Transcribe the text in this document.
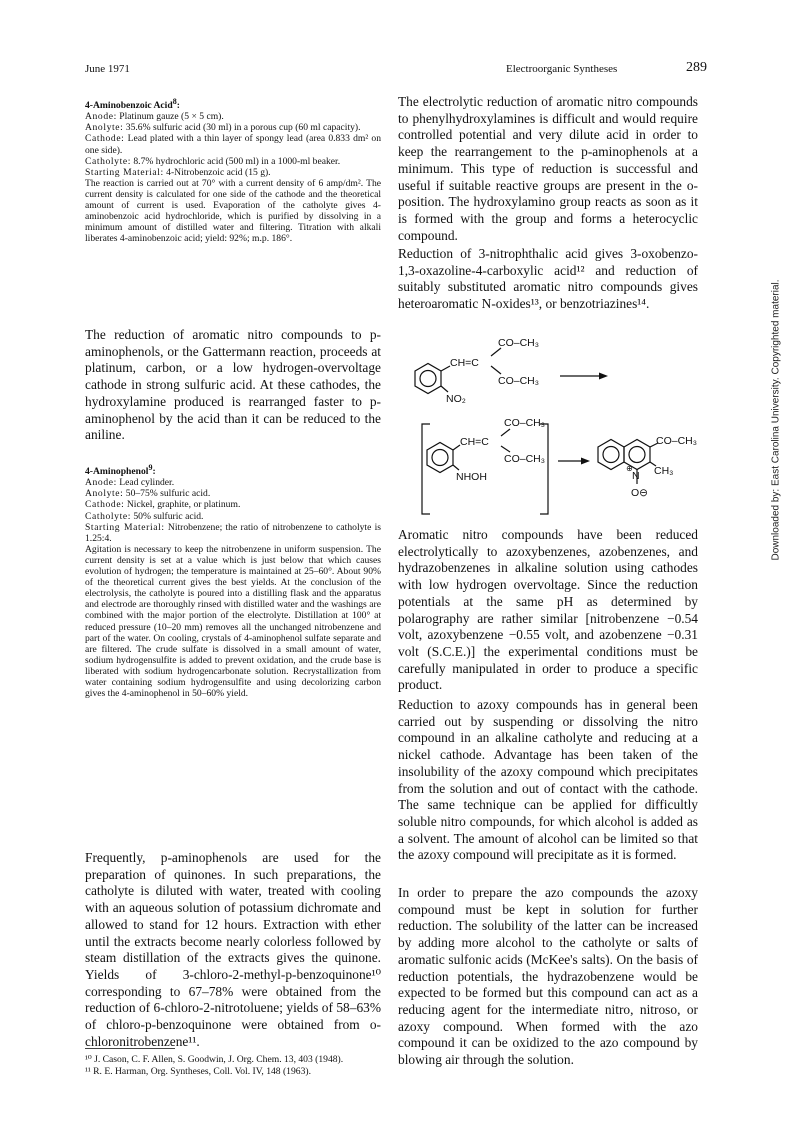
June 1971	Electroorganic Syntheses	289
Downloaded by: East Carolina University. Copyrighted material.

4-Aminobenzoic Acid$^8$:

Anode: Platinum gauze (5 × 5 cm).

Anolyte: 35.6% sulfuric acid (30 ml) in a porous cup (60 ml capacity).

Cathode: Lead plated with a thin layer of spongy lead (area 0.833 dm² on one side).

Catholyte: 8.7% hydrochloric acid (500 ml) in a 1000-ml beaker.

Starting Material: 4-Nitrobenzoic acid (15 g).

The reaction is carried out at 70° with a current density of 6 amp/dm². The current density is calculated for one side of the cathode and the theoretical amount of current is used. Evaporation of the catholyte gives 4-aminobenzoic acid hydrochloride, which is purified by dissolving in a minimum amount of distilled water and filtering. Titration with alkali liberates 4-aminobenzoic acid; yield: 92%; m.p. 186°.

The reduction of aromatic nitro compounds to p-aminophenols, or the Gattermann reaction, proceeds at platinum, carbon, or a low hydrogen-overvoltage cathode in strong sulfuric acid. At these cathodes, the hydroxylamine produced is rearranged faster to p-aminophenol by the acid than it can be reduced to the aniline.

4-Aminophenol$^9$:

Anode: Lead cylinder.

Anolyte: 50–75% sulfuric acid.

Cathode: Nickel, graphite, or platinum.

Catholyte: 50% sulfuric acid.

Starting Material: Nitrobenzene; the ratio of nitrobenzene to catholyte is 1.25:4.

Agitation is necessary to keep the nitrobenzene in uniform suspension. The current density is set at a value which is just below that which causes evolution of hydrogen; the temperature is maintained at 25–60°. About 90% of the theoretical current gives the best yields. At the conclusion of the electrolysis, the catholyte is poured into a distilling flask and the apparatus and electrode are thoroughly rinsed with distilled water and the washings are combined with the major portion of the electrolyte. Distillation at 100° at reduced pressure (10–20 mm) removes all the unchanged nitrobenzene and part of the water. On cooling, crystals of 4-aminophenol sulfate separate and are filtered. The crude sulfate is dissolved in a small amount of water, sodium hydrogensulfite is added to prevent oxidation, and the crude base is liberated with sodium hydrogencarbonate solution. Recrystallization from water containing sodium hydrogensulfite and using decolorizing carbon gives the 4-aminophenol in 50–60% yield.

Frequently, p-aminophenols are used for the preparation of quinones. In such preparations, the catholyte is diluted with water, treated with cooling with an aqueous solution of potassium dichromate and allowed to stand for 12 hours. Extraction with ether until the extracts become nearly colorless followed by steam distillation of the extracts gives the quinone. Yields of 3-chloro-2-methyl-p-benzoquinone¹⁰ corresponding to 67–78% were obtained from the reduction of 6-chloro-2-nitrotoluene; yields of 58–63% of chloro-p-benzoquinone were obtained from o-chloronitrobenzene¹¹.

¹⁰ J. Cason, C. F. Allen, S. Goodwin, J. Org. Chem. 13, 403 (1948).

¹¹ R. E. Harman, Org. Syntheses, Coll. Vol. IV, 148 (1963).

The electrolytic reduction of aromatic nitro compounds to phenylhydroxylamines is difficult and would require controlled potential and very dilute acid in order to keep the rearrangement to the p-aminophenols at a minimum. This type of reduction is successful and useful if suitable reactive groups are present in the o-position. The hydroxylamino group reacts as soon as it is formed with the group and forms a heterocyclic compound.
Reduction of 3-nitrophthalic acid gives 3-oxobenzo-1,3-oxazoline-4-carboxylic acid¹² and reduction of suitably substituted aromatic nitro compounds gives heteroaromatic N-oxides¹³, or benzotriazines¹⁴.
CO–CH₃
CH=C
CO–CH₃
NO₂
CO–CH₃
CH=C
CO–CH₃
NHOH
CO–CH₃
CH₃
N
⊕
O⊖
Aromatic nitro compounds have been reduced electrolytically to azoxybenzenes, azobenzenes, and hydrazobenzenes in alkaline solution using cathodes with low hydrogen overvoltage. Since the reduction potentials at the same pH as determined by polarography are rather similar [nitrobenzene −0.54 volt, azoxybenzene −0.55 volt, and azobenzene −0.31 volt (S.C.E.)] the experimental conditions must be carefully manipulated in order to produce a specific product.
Reduction to azoxy compounds has in general been carried out by suspending or dissolving the nitro compound in an alkaline catholyte and reducing at a nickel cathode. Advantage has been taken of the insolubility of the azoxy compound which precipitates from the solution and out of contact with the cathode. The same technique can be applied for difficultly soluble nitro compounds, for which alcohol is added as a solvent. The amount of alcohol can be limited so that the azoxy compound will precipitate as it is formed.
In order to prepare the azo compounds the azoxy compound must be kept in solution for further reduction. The solubility of the latter can be increased by adding more alcohol to the catholyte or salts of aromatic sulfonic acids (McKee's salts). On the basis of reduction potentials, the hydrazobenzene would be expected to be formed but this compound can act as a reducing agent for the intermediate nitro, nitroso, or azoxy compound. When formed with the azo compound it can be oxidized to the azo compound by blowing air through the solution.
